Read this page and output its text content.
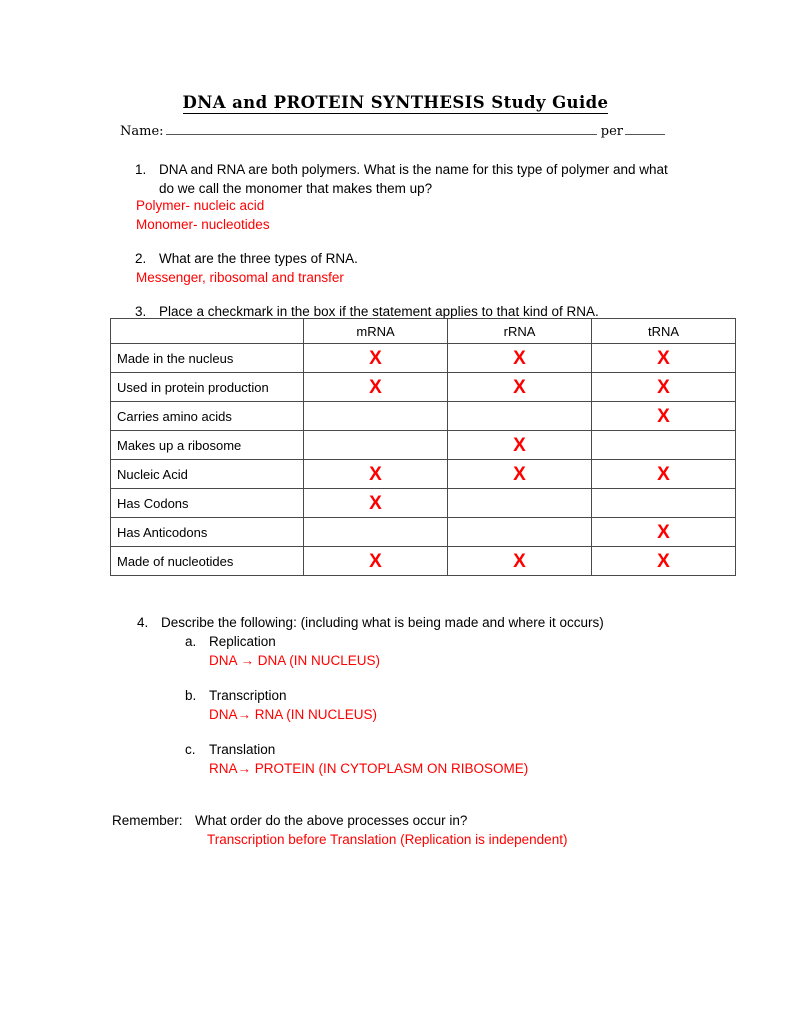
DNA and PROTEIN SYNTHESIS Study Guide
Name:	per
1. DNA and RNA are both polymers. What is the name for this type of polymer and what do we call the monomer that makes them up?
Polymer- nucleic acid
Monomer- nucleotides
2. What are the three types of RNA.
Messenger, ribosomal and transfer
3. Place a checkmark in the box if the statement applies to that kind of RNA.
	mRNA	rRNA	tRNA
Made in the nucleus	X	X	X
Used in protein production	X	X	X
Carries amino acids			X
Makes up a ribosome		X	
Nucleic Acid	X	X	X
Has Codons	X		
Has Anticodons			X
Made of nucleotides	X	X	X
4. Describe the following: (including what is being made and where it occurs)
a. Replication
DNA → DNA (IN NUCLEUS)
b. Transcription
DNA→ RNA (IN NUCLEUS)
c. Translation
RNA→ PROTEIN (IN CYTOPLASM ON RIBOSOME)
Remember: What order do the above processes occur in?
Transcription before Translation (Replication is independent)
